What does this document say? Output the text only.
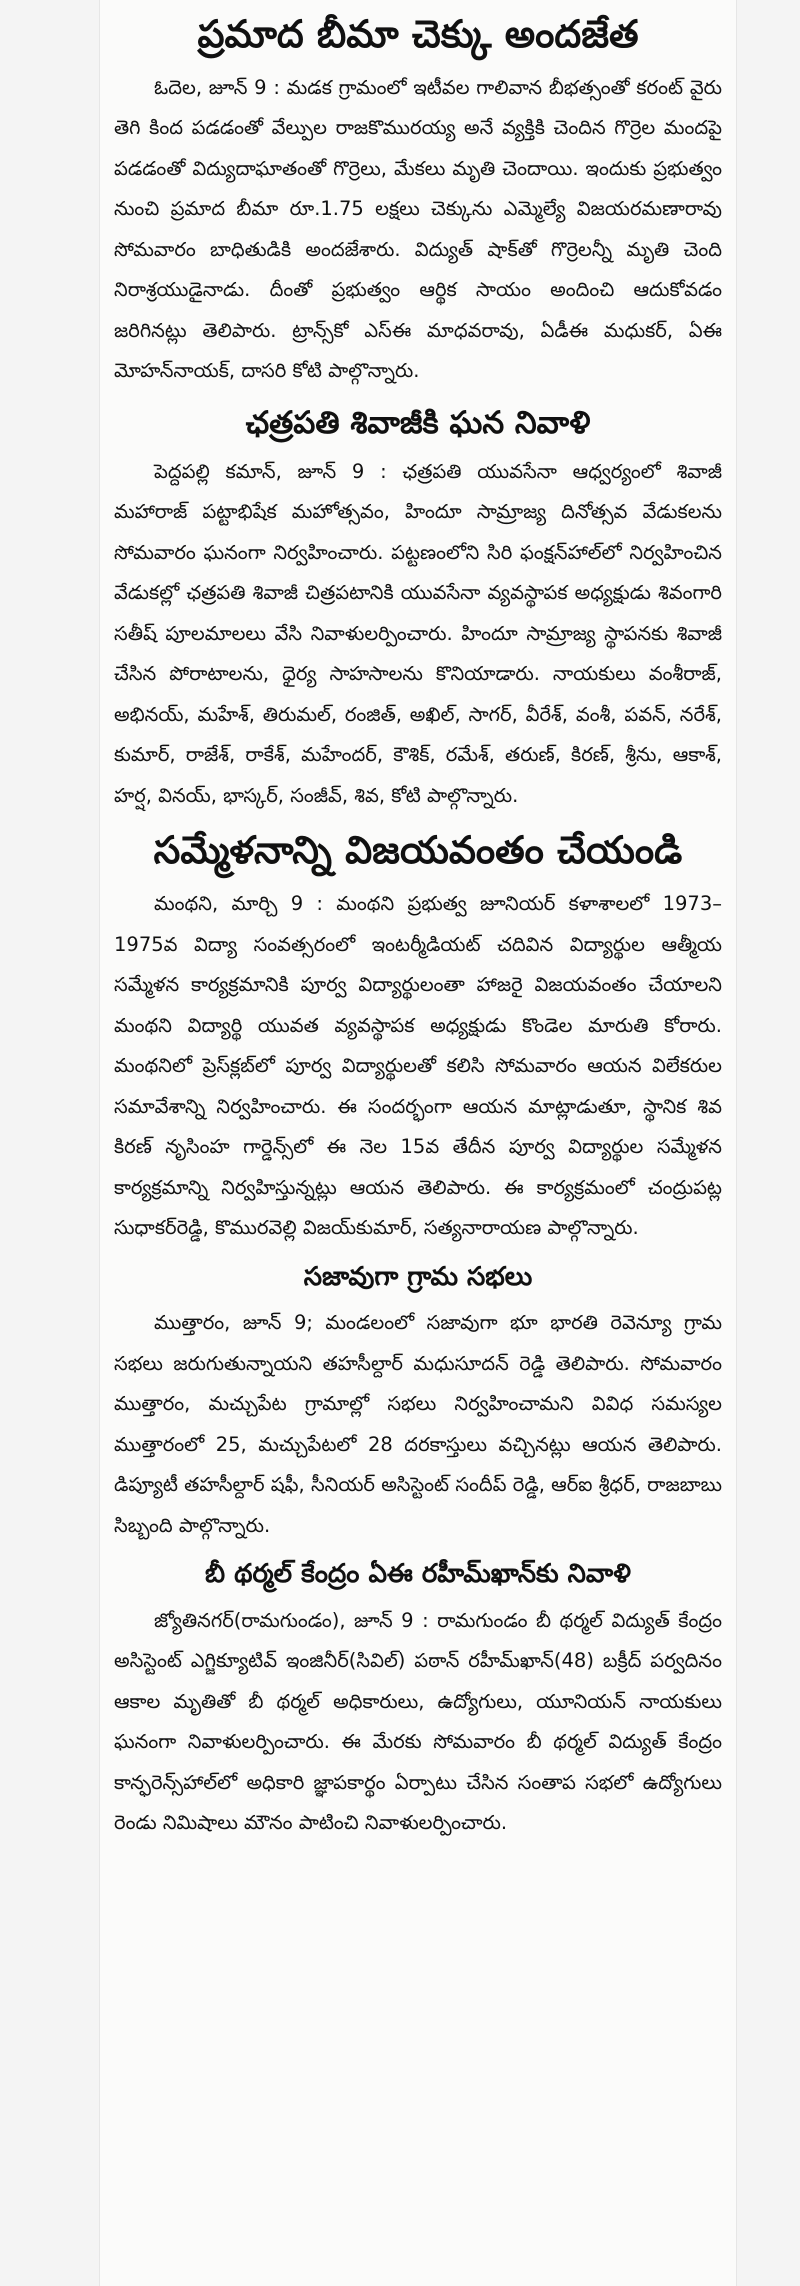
ప్రమాద బీమా చెక్కు అందజేత

ఓదెల, జూన్ 9 : మడక గ్రామంలో ఇటీవల గాలివాన బీభత్సంతో కరంట్ వైరు తెగి కింద పడడంతో వేల్పుల రాజకొమురయ్య అనే వ్యక్తికి చెందిన గొర్రెల మందపై పడడంతో విద్యుదాఘాతంతో గొర్రెలు, మేకలు మృతి చెందాయి. ఇందుకు ప్రభుత్వం నుంచి ప్రమాద బీమా రూ.1.75 లక్షలు చెక్కును ఎమ్మెల్యే విజయరమణారావు సోమవారం బాధితుడికి అందజేశారు. విద్యుత్ షాక్‌తో గొర్రెలన్నీ మృతి చెంది నిరాశ్రయుడైనాడు. దీంతో ప్రభుత్వం ఆర్థిక సాయం అందించి ఆదుకోవడం జరిగినట్లు తెలిపారు. ట్రాన్స్‌కో ఎస్ఈ మాధవరావు, ఏడీఈ మధుకర్, ఏఈ మోహన్‌నాయక్, దాసరి కోటి పాల్గొన్నారు.

ఛత్రపతి శివాజీకి ఘన నివాళి

పెద్దపల్లి కమాన్, జూన్ 9 : ఛత్రపతి యువసేనా ఆధ్వర్యంలో శివాజీ మహారాజ్ పట్టాభిషేక మహోత్సవం, హిందూ సామ్రాజ్య దినోత్సవ వేడుకలను సోమవారం ఘనంగా నిర్వహించారు. పట్టణంలోని సిరి ఫంక్షన్‌హాల్‌లో నిర్వహించిన వేడుకల్లో ఛత్రపతి శివాజీ చిత్రపటానికి యువసేనా వ్యవస్థాపక అధ్యక్షుడు శివంగారి సతీష్ పూలమాలలు వేసి నివాళులర్పించారు. హిందూ సామ్రాజ్య స్థాపనకు శివాజీ చేసిన పోరాటాలను, ధైర్య సాహసాలను కొనియాడారు. నాయకులు వంశీరాజ్, అభినయ్, మహేశ్, తిరుమల్, రంజిత్, అఖిల్, సాగర్, వీరేశ్, వంశీ, పవన్, నరేశ్, కుమార్, రాజేశ్, రాకేశ్, మహేందర్, కౌశిక్, రమేశ్, తరుణ్, కిరణ్, శ్రీను, ఆకాశ్, హర్ష, వినయ్, భాస్కర్, సంజీవ్, శివ, కోటి పాల్గొన్నారు.

సమ్మేళనాన్ని విజయవంతం చేయండి

మంథని, మార్చి 9 : మంథని ప్రభుత్వ జూనియర్ కళాశాలలో 1973–1975వ విద్యా సంవత్సరంలో ఇంటర్మీడియట్ చదివిన విద్యార్థుల ఆత్మీయ సమ్మేళన కార్యక్రమానికి పూర్వ విద్యార్థులంతా హాజరై విజయవంతం చేయాలని మంథని విద్యార్థి యువత వ్యవస్థాపక అధ్యక్షుడు కొండెల మారుతి కోరారు. మంథనిలో ప్రెస్‌క్లబ్‌లో పూర్వ విద్యార్థులతో కలిసి సోమవారం ఆయన విలేకరుల సమావేశాన్ని నిర్వహించారు. ఈ సందర్భంగా ఆయన మాట్లాడుతూ, స్థానిక శివ కిరణ్ నృసింహ గార్డెన్స్‌లో ఈ నెల 15వ తేదీన పూర్వ విద్యార్థుల సమ్మేళన కార్యక్రమాన్ని నిర్వహిస్తున్నట్లు ఆయన తెలిపారు. ఈ కార్యక్రమంలో చంద్రుపట్ల సుధాకర్‌రెడ్డి, కొమురవెల్లి విజయ్‌కుమార్, సత్యనారాయణ పాల్గొన్నారు.

సజావుగా గ్రామ సభలు

ముత్తారం, జూన్ 9; మండలంలో సజావుగా భూ భారతి రెవెన్యూ గ్రామ సభలు జరుగుతున్నాయని తహసీల్దార్ మధుసూదన్ రెడ్డి తెలిపారు. సోమవారం ముత్తారం, మచ్చుపేట గ్రామాల్లో సభలు నిర్వహించామని వివిధ సమస్యల ముత్తారంలో 25, మచ్చుపేటలో 28 దరకాస్తులు వచ్చినట్లు ఆయన తెలిపారు. డిప్యూటీ తహసీల్దార్ షఫీ, సీనియర్ అసిస్టెంట్ సందీప్ రెడ్డి, ఆర్ఐ శ్రీధర్, రాజబాబు సిబ్బంది పాల్గొన్నారు.

బీ థర్మల్ కేంద్రం ఏఈ రహీమ్‌ఖాన్‌కు నివాళి

జ్యోతినగర్(రామగుండం), జూన్ 9 : రామగుండం బీ థర్మల్ విద్యుత్ కేంద్రం అసిస్టెంట్ ఎగ్జిక్యూటివ్ ఇంజినీర్(సివిల్) పఠాన్ రహీమ్‌ఖాన్(48) బక్రీద్ పర్వదినం ఆకాల మృతితో బీ థర్మల్ అధికారులు, ఉద్యోగులు, యూనియన్ నాయకులు ఘనంగా నివాళులర్పించారు. ఈ మేరకు సోమవారం బీ థర్మల్ విద్యుత్ కేంద్రం కాన్ఫరెన్స్‌హాల్‌లో అధికారి జ్ఞాపకార్థం ఏర్పాటు చేసిన సంతాప సభలో ఉద్యోగులు రెండు నిమిషాలు మౌనం పాటించి నివాళులర్పించారు.
